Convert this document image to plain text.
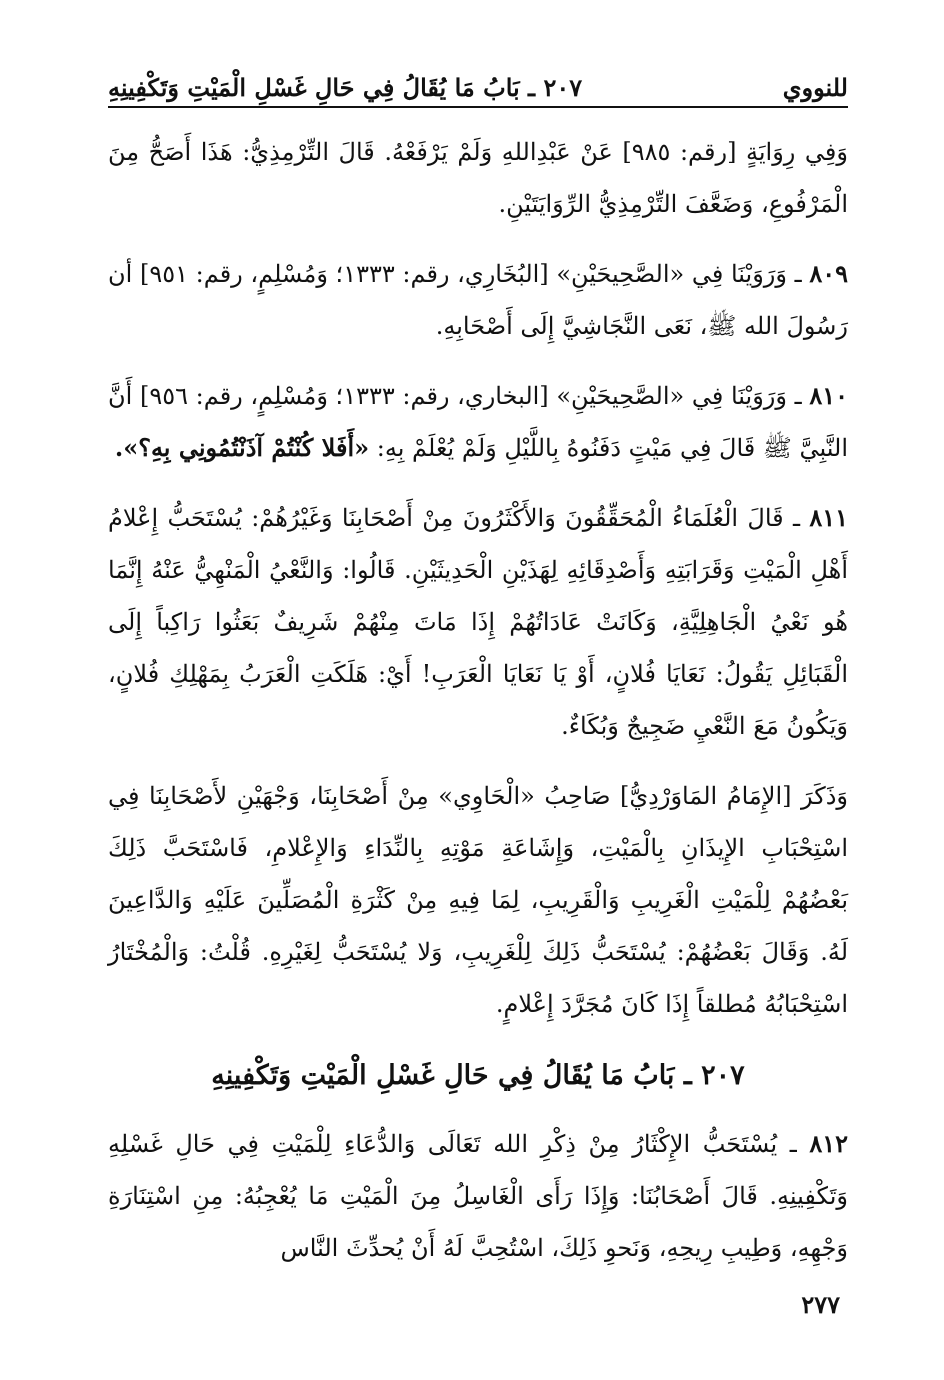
للنووي
٢٠٧ ـ بَابُ مَا يُقَالُ فِي حَالِ غَسْلِ الْمَيْتِ وَتَكْفِينِهِ

وَفِي رِوَايَةٍ [رقم: ٩٨٥] عَنْ عَبْدِاللهِ وَلَمْ يَرْفَعْهُ. قَالَ التِّرْمِذِيُّ: هَذَا أَصَحُّ مِنَ الْمَرْفُوعِ، وَضَعَّفَ التِّرْمِذِيُّ الرِّوَايَتَيْنِ.

٨٠٩ ـ وَرَوَيْنَا فِي «الصَّحِيحَيْنِ» [البُخَارِي، رقم: ١٣٣٣؛ وَمُسْلِمٍ، رقم: ٩٥١] أن رَسُولَ الله ﷺ، نَعَى النَّجَاشِيَّ إِلَى أَصْحَابِهِ.

٨١٠ ـ وَرَوَيْنَا فِي «الصَّحِيحَيْنِ» [البخاري، رقم: ١٣٣٣؛ وَمُسْلِمٍ، رقم: ٩٥٦] أَنَّ النَّبِيَّ ﷺ قَالَ فِي مَيْتٍ دَفَنُوهُ بِاللَّيْلِ وَلَمْ يُعْلَمْ بِهِ: «أَفَلا كُنْتُمْ آذَنْتُمُونِي بِهِ؟».

٨١١ ـ قَالَ الْعُلَمَاءُ الْمُحَقِّقُونَ وَالأَكْثَرُونَ مِنْ أَصْحَابِنَا وَغَيْرُهُمْ: يُسْتَحَبُّ إِعْلامُ أَهْلِ الْمَيْتِ وَقَرَابَتِهِ وَأَصْدِقَائِهِ لِهَذَيْنِ الْحَدِيثَيْنِ. قَالُوا: وَالنَّعْيُ الْمَنْهِيُّ عَنْهُ إِنَّمَا هُو نَعْيُ الْجَاهِلِيَّةِ، وَكَانَتْ عَادَاتُهُمْ إِذَا مَاتَ مِنْهُمْ شَرِيفٌ بَعَثُوا رَاكِباً إِلَى الْقَبَائِلِ يَقُولُ: نَعَايَا فُلانٍ، أَوْ يَا نَعَايَا الْعَرَبِ! أَيْ: هَلَكَتِ الْعَرَبُ بِمَهْلِكِ فُلانٍ، وَيَكُونُ مَعَ النَّعْيِ ضَجِيجٌ وَبُكَاءٌ.

وَذَكَرَ [الإِمَامُ المَاوَرْدِيُّ] صَاحِبُ «الْحَاوِي» مِنْ أَصْحَابِنَا، وَجْهَيْنِ لأَصْحَابِنَا فِي اسْتِحْبَابِ الإِيذَانِ بِالْمَيْتِ، وَإِشَاعَةِ مَوْتِهِ بِالنِّدَاءِ وَالإِعْلامِ، فَاسْتَحَبَّ ذَلِكَ بَعْضُهُمْ لِلْمَيْتِ الْغَرِيبِ وَالْقَرِيبِ، لِمَا فِيهِ مِنْ كَثْرَةِ الْمُصَلِّينَ عَلَيْهِ وَالدَّاعِينَ لَهُ. وَقَالَ بَعْضُهُمْ: يُسْتَحَبُّ ذَلِكَ لِلْغَرِيبِ، وَلا يُسْتَحَبُّ لِغَيْرِهِ. قُلْتُ: وَالْمُخْتَارُ اسْتِحْبَابُهُ مُطلقاً إِذَا كَانَ مُجَرَّدَ إِعْلامٍ.

٢٠٧ ـ بَابُ مَا يُقَالُ فِي حَالِ غَسْلِ الْمَيْتِ وَتَكْفِينِهِ

٨١٢ ـ يُسْتَحَبُّ الإِكْثَارُ مِنْ ذِكْرِ الله تَعَالَى وَالدُّعَاءِ لِلْمَيْتِ فِي حَالِ غَسْلِهِ وَتَكْفِينِهِ. قَالَ أَصْحَابُنَا: وَإِذَا رَأَى الْغَاسِلُ مِنَ الْمَيْتِ مَا يُعْجِبُهُ: مِنِ اسْتِنَارَةِ وَجْهِهِ، وَطِيبِ رِيحِهِ، وَنَحوِ ذَلِكَ، اسْتُحِبَّ لَهُ أَنْ يُحدِّثَ النَّاس

٢٧٧
